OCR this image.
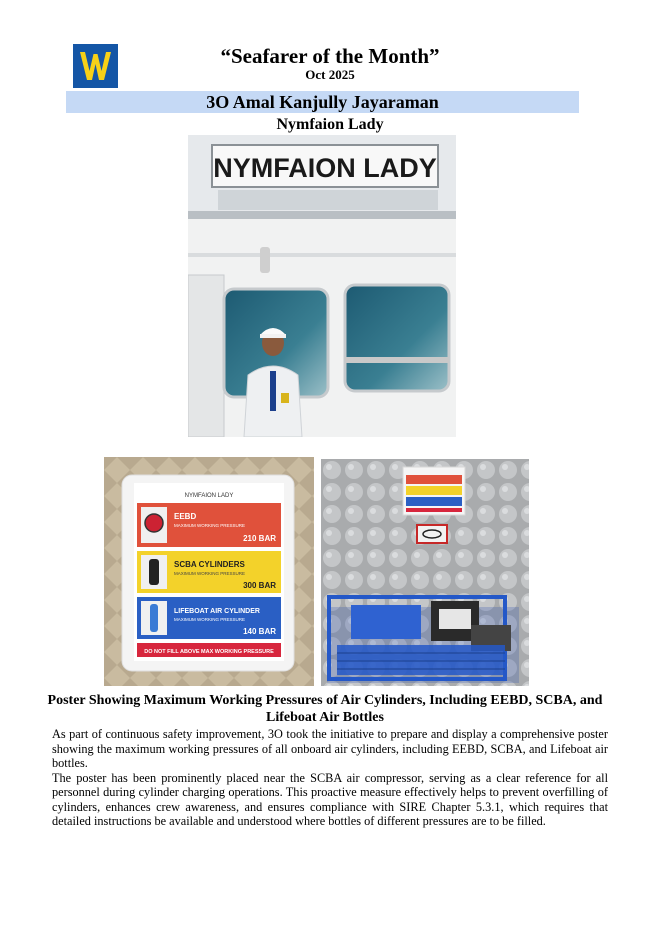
“Seafarer of the Month”
Oct 2025
3O Amal Kanjully Jayaraman
Nymfaion Lady
NYMFAION LADY
NYMFAION LADY
EEBD
MAXIMUM WORKING PRESSURE
210 BAR
SCBA CYLINDERS
MAXIMUM WORKING PRESSURE
300 BAR
LIFEBOAT AIR CYLINDER
MAXIMUM WORKING PRESSURE
140 BAR
DO NOT FILL ABOVE MAX WORKING PRESSURE
Poster Showing Maximum Working Pressures of Air Cylinders, Including EEBD, SCBA, and Lifeboat Air Bottles

As part of continuous safety improvement, 3O took the initiative to prepare and display a comprehensive poster showing the maximum working pressures of all onboard air cylinders, including EEBD, SCBA, and Lifeboat air bottles.

The poster has been prominently placed near the SCBA air compressor, serving as a clear reference for all personnel during cylinder charging operations. This proactive measure effectively helps to prevent overfilling of cylinders, enhances crew awareness, and ensures compliance with SIRE Chapter 5.3.1, which requires that detailed instructions be available and understood where bottles of different pressures are to be filled.
